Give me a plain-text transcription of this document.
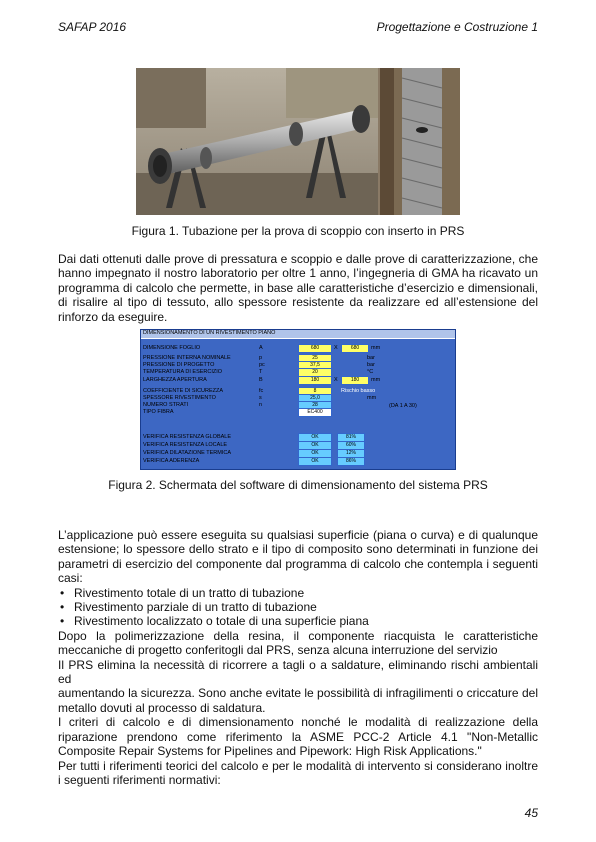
SAFAP 2016	Progettazione e Costruzione 1
Figura 1. Tubazione per la prova di scoppio con inserto in PRS
Dai dati ottenuti dalle prove di pressatura e scoppio e dalle prove di caratterizzazione, che
hanno impegnato il nostro laboratorio per oltre 1 anno, l’ingegneria di GMA ha ricavato un
programma di calcolo che permette, in base alle caratteristiche d’esercizio e dimensionali,
di risalire al tipo di tessuto, allo spessore resistente da realizzare ed all’estensione del
rinforzo da eseguire.
DIMENSIONAMENTO DI UN RIVESTIMENTO PIANO
DIMENSIONE FOGLIO	A	680	X	680	mm
PRESSIONE INTERNA NOMINALE	p	25	bar
PRESSIONE DI PROGETTO	pc	37,5	bar
TEMPERATURA DI ESERCIZIO	T	20	°C
LARGHEZZA APERTURA	B	180	X	180	mm
COEFFICIENTE DI SICUREZZA	fc	8	Rischio basso
SPESSORE RIVESTIMENTO	s	25,0	mm
NUMERO STRATI	n	28	(DA 1 A 30)
TIPO FIBRA	EC400
VERIFICA RESISTENZA GLOBALE	OK	81%
VERIFICA RESISTENZA LOCALE	OK	60%
VERIFICA DILATAZIONE TERMICA	OK	12%
VERIFICA ADERENZA	OK	86%
Figura 2. Schermata del software di dimensionamento del sistema PRS
L’applicazione può essere eseguita su qualsiasi superficie (piana o curva) e di qualunque
estensione; lo spessore dello strato e il tipo di composito sono determinati in funzione dei
parametri di esercizio del componente dal programma di calcolo che contempla i seguenti
casi:
• Rivestimento totale di un tratto di tubazione
• Rivestimento parziale di un tratto di tubazione
• Rivestimento localizzato o totale di una superficie piana
Dopo la polimerizzazione della resina, il componente riacquista le caratteristiche
meccaniche di progetto conferitogli dal PRS, senza alcuna interruzione del servizio
Il PRS elimina la necessità di ricorrere a tagli o a saldature, eliminando rischi ambientali ed
aumentando la sicurezza. Sono anche evitate le possibilità di infragilimenti o criccature del
metallo dovuti al processo di saldatura.
I criteri di calcolo e di dimensionamento nonché le modalità di realizzazione della
riparazione prendono come riferimento la ASME PCC-2 Article 4.1 "Non-Metallic
Composite Repair Systems for Pipelines and Pipework: High Risk Applications."
Per tutti i riferimenti teorici del calcolo e per le modalità di intervento si considerano inoltre
i seguenti riferimenti normativi:
45
